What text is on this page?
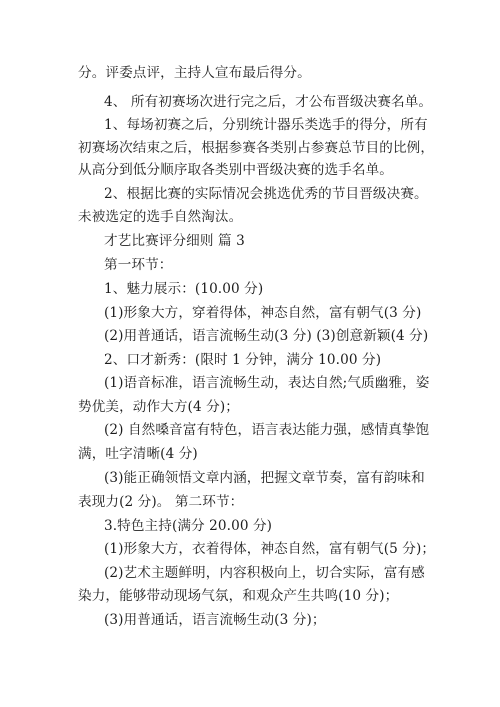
分。评委点评，主持人宣布最后得分。
4、 所有初赛场次进行完之后，才公布晋级决赛名单。
1、每场初赛之后，分别统计器乐类选手的得分，所有
初赛场次结束之后，根据参赛各类别占参赛总节目的比例，
从高分到低分顺序取各类别中晋级决赛的选手名单。
2、根据比赛的实际情况会挑选优秀的节目晋级决赛。
未被选定的选手自然淘汰。
才艺比赛评分细则 篇 3
第一环节：
1、魅力展示：(10.00 分)
(1)形象大方，穿着得体，神态自然，富有朝气(3 分)
(2)用普通话，语言流畅生动(3 分) (3)创意新颖(4 分)
2、口才新秀：(限时 1 分钟，满分 10.00 分)
(1)语音标准，语言流畅生动，表达自然;气质幽雅，姿
势优美，动作大方(4 分)；
(2) 自然嗓音富有特色，语言表达能力强，感情真挚饱
满，吐字清晰(4 分)
(3)能正确领悟文章内涵，把握文章节奏，富有韵味和
表现力(2 分)。 第二环节：
3.特色主持(满分 20.00 分)
(1)形象大方，衣着得体，神态自然，富有朝气(5 分)；
(2)艺术主题鲜明，内容积极向上，切合实际，富有感
染力，能够带动现场气氛，和观众产生共鸣(10 分)；
(3)用普通话，语言流畅生动(3 分)；
